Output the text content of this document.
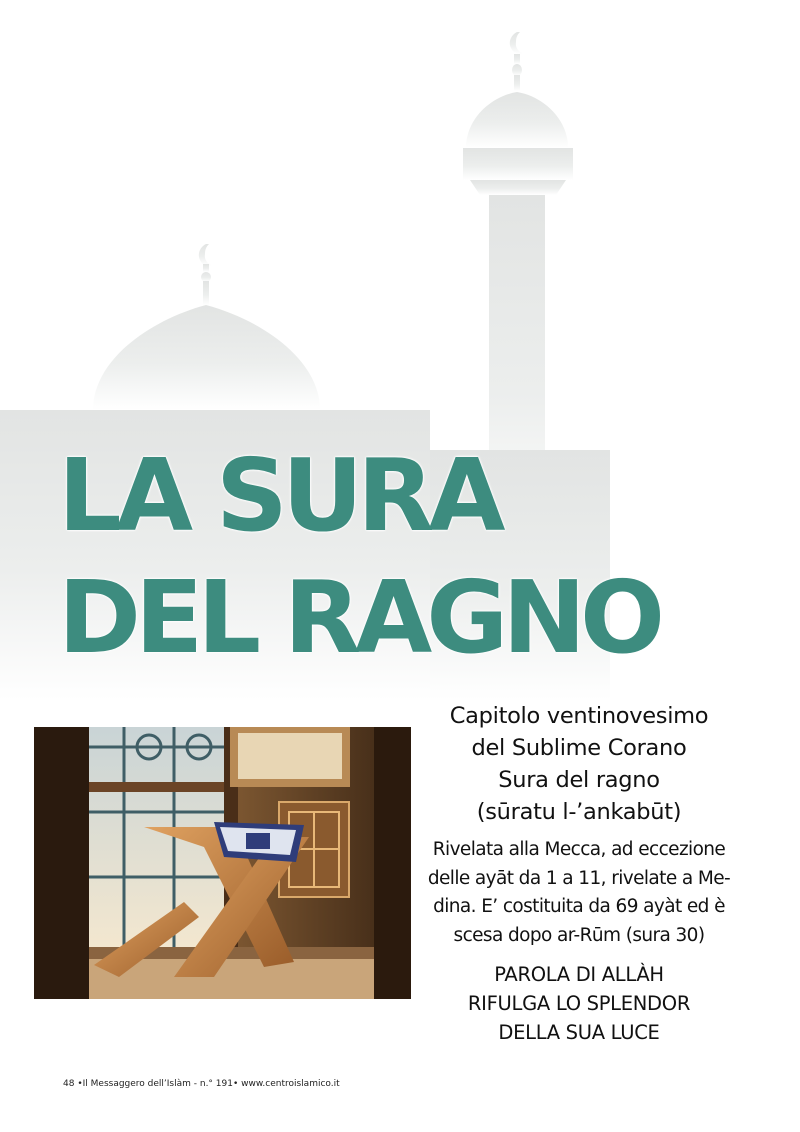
LA SURA
DEL RAGNO
Capitolo ventinovesimo
del Sublime Corano
Sura del ragno
(sūratu l-’ankabūt)
Rivelata alla Mecca, ad eccezione
delle ayāt da 1 a 11, rivelate a Me-
dina. E’ costituita da 69 ayàt ed è
scesa dopo ar-Rūm (sura 30)
PAROLA DI ALLÀH
RIFULGA LO SPLENDOR
DELLA SUA LUCE
48 •Il Messaggero dell’Islàm - n.° 191• www.centroislamico.it
